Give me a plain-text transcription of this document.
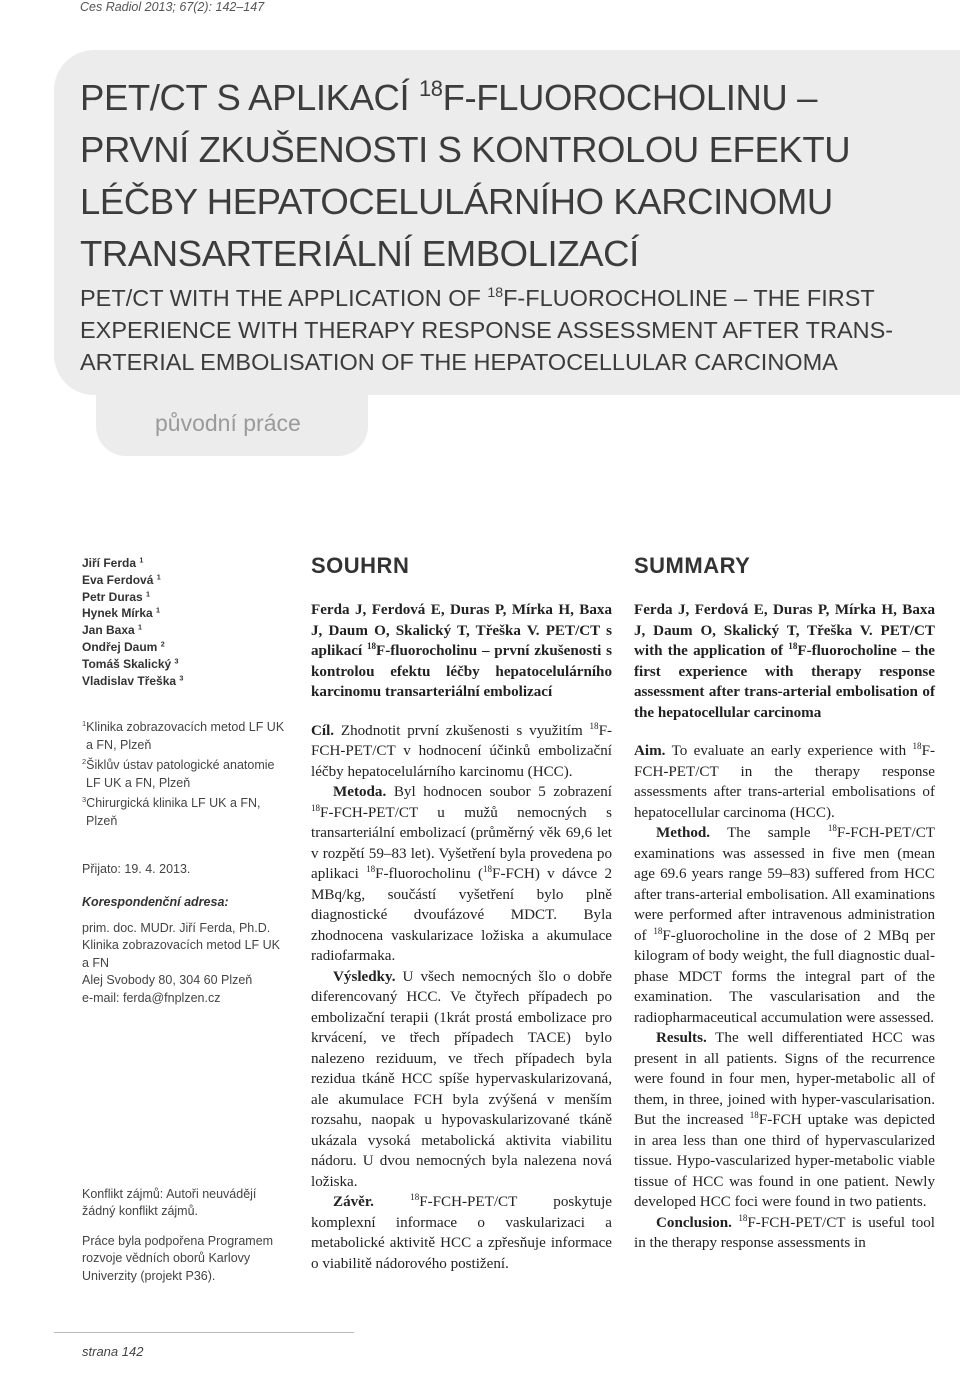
Ces Radiol 2013; 67(2): 142–147
PET/CT S APLIKACÍ $^{18}$F-FLUOROCHOLINU –
PRVNÍ ZKUŠENOSTI S KONTROLOU EFEKTU
LÉČBY HEPATOCELULÁRNÍHO KARCINOMU
TRANSARTERIÁLNÍ EMBOLIZACÍ
PET/CT WITH THE APPLICATION OF $^{18}$F-FLUOROCHOLINE – THE FIRST
EXPERIENCE WITH THERAPY RESPONSE ASSESSMENT AFTER TRANS-
ARTERIAL EMBOLISATION OF THE HEPATOCELLULAR CARCINOMA
původní práce
Jiří Ferda $^1$
Eva Ferdová $^1$
Petr Duras $^1$
Hynek Mírka $^1$
Jan Baxa $^1$
Ondřej Daum $^2$
Tomáš Skalický $^3$
Vladislav Třeška $^3$

$^1$Klinika zobrazovacích metod LF UK
a FN, Plzeň

$^2$Šiklův ústav patologické anatomie
LF UK a FN, Plzeň

$^3$Chirurgická klinika LF UK a FN,
Plzeň

Přijato: 19. 4. 2013.
Korespondenční adresa:
prim. doc. MUDr. Jiří Ferda, Ph.D.
Klinika zobrazovacích metod LF UK
a FN
Alej Svobody 80, 304 60 Plzeň
e-mail: ferda@fnplzen.cz
Konflikt zájmů: Autoři neuvádějí
žádný konflikt zájmů.
Práce byla podpořena Programem
rozvoje vědních oborů Karlovy
Univerzity (projekt P36).
SOUHRN

Ferda J, Ferdová E, Duras P, Mírka H, Baxa J, Daum O, Skalický T, Třeška V. PET/CT s aplikací $^{18}$F-fluorocholinu – první zkušenosti s kontrolou efektu léčby hepatocelulárního karcinomu transarteriální embolizací

Cíl. Zhodnotit první zkušenosti s využitím $^{18}$F-FCH-PET/CT v hodnocení účinků embolizační léčby hepatocelulárního karcinomu (HCC).

Metoda. Byl hodnocen soubor 5 zobrazení $^{18}$F-FCH-PET/CT u mužů nemocných s transarteriální embolizací (průměrný věk 69,6 let v rozpětí 59–83 let). Vyšetření byla provedena po aplikaci $^{18}$F-fluorocholinu ($^{18}$F-FCH) v dávce 2 MBq/kg, součástí vyšetření bylo plně diagnostické dvoufázové MDCT. Byla zhodnocena vaskularizace ložiska a akumulace radiofarmaka.

Výsledky. U všech nemocných šlo o dobře diferencovaný HCC. Ve čtyřech případech po embolizační terapii (1krát prostá embolizace pro krvácení, ve třech případech TACE) bylo nalezeno reziduum, ve třech případech byla rezidua tkáně HCC spíše hypervaskularizovaná, ale akumulace FCH byla zvýšená v menším rozsahu, naopak u hypovaskularizované tkáně ukázala vysoká metabolická aktivita viabilitu nádoru. U dvou nemocných byla nalezena nová ložiska.

Závěr.	$^{18}$F-FCH-PET/CT poskytuje komplexní informace o vaskularizaci a metabolické aktivitě HCC a zpřesňuje informace o viabilitě nádorového postižení.

SUMMARY

Ferda J, Ferdová E, Duras P, Mírka H, Baxa J, Daum O, Skalický T, Třeška V. PET/CT with the application of $^{18}$F-fluorocholine – the first experience with therapy response assessment after trans-arterial embolisation of the hepatocellular carcinoma

Aim. To evaluate an early experience with $^{18}$F-FCH-PET/CT in the therapy response assessments after trans-arterial embolisations of hepatocellular carcinoma (HCC).

Method. The sample $^{18}$F-FCH-PET/CT examinations was assessed in five men (mean age 69.6 years range 59–83) suffered from HCC after trans-arterial embolisation. All examinations were performed after intravenous administration of $^{18}$F-gluorocholine in the dose of 2 MBq per kilogram of body weight, the full diagnostic dual-phase MDCT forms the integral part of the examination. The vascularisation and the radiopharmaceutical accumulation were assessed.

Results. The well differentiated HCC was present in all patients. Signs of the recurrence were found in four men, hyper-metabolic all of them, in three, joined with hyper-vascularisation. But the increased $^{18}$F-FCH uptake was depicted in area less than one third of hypervascularized tissue. Hypo-vascularized hyper-metabolic viable tissue of HCC was found in one patient. Newly developed HCC foci were found in two patients.

Conclusion. $^{18}$F-FCH-PET/CT is useful tool in the therapy response assessments in

strana 142
